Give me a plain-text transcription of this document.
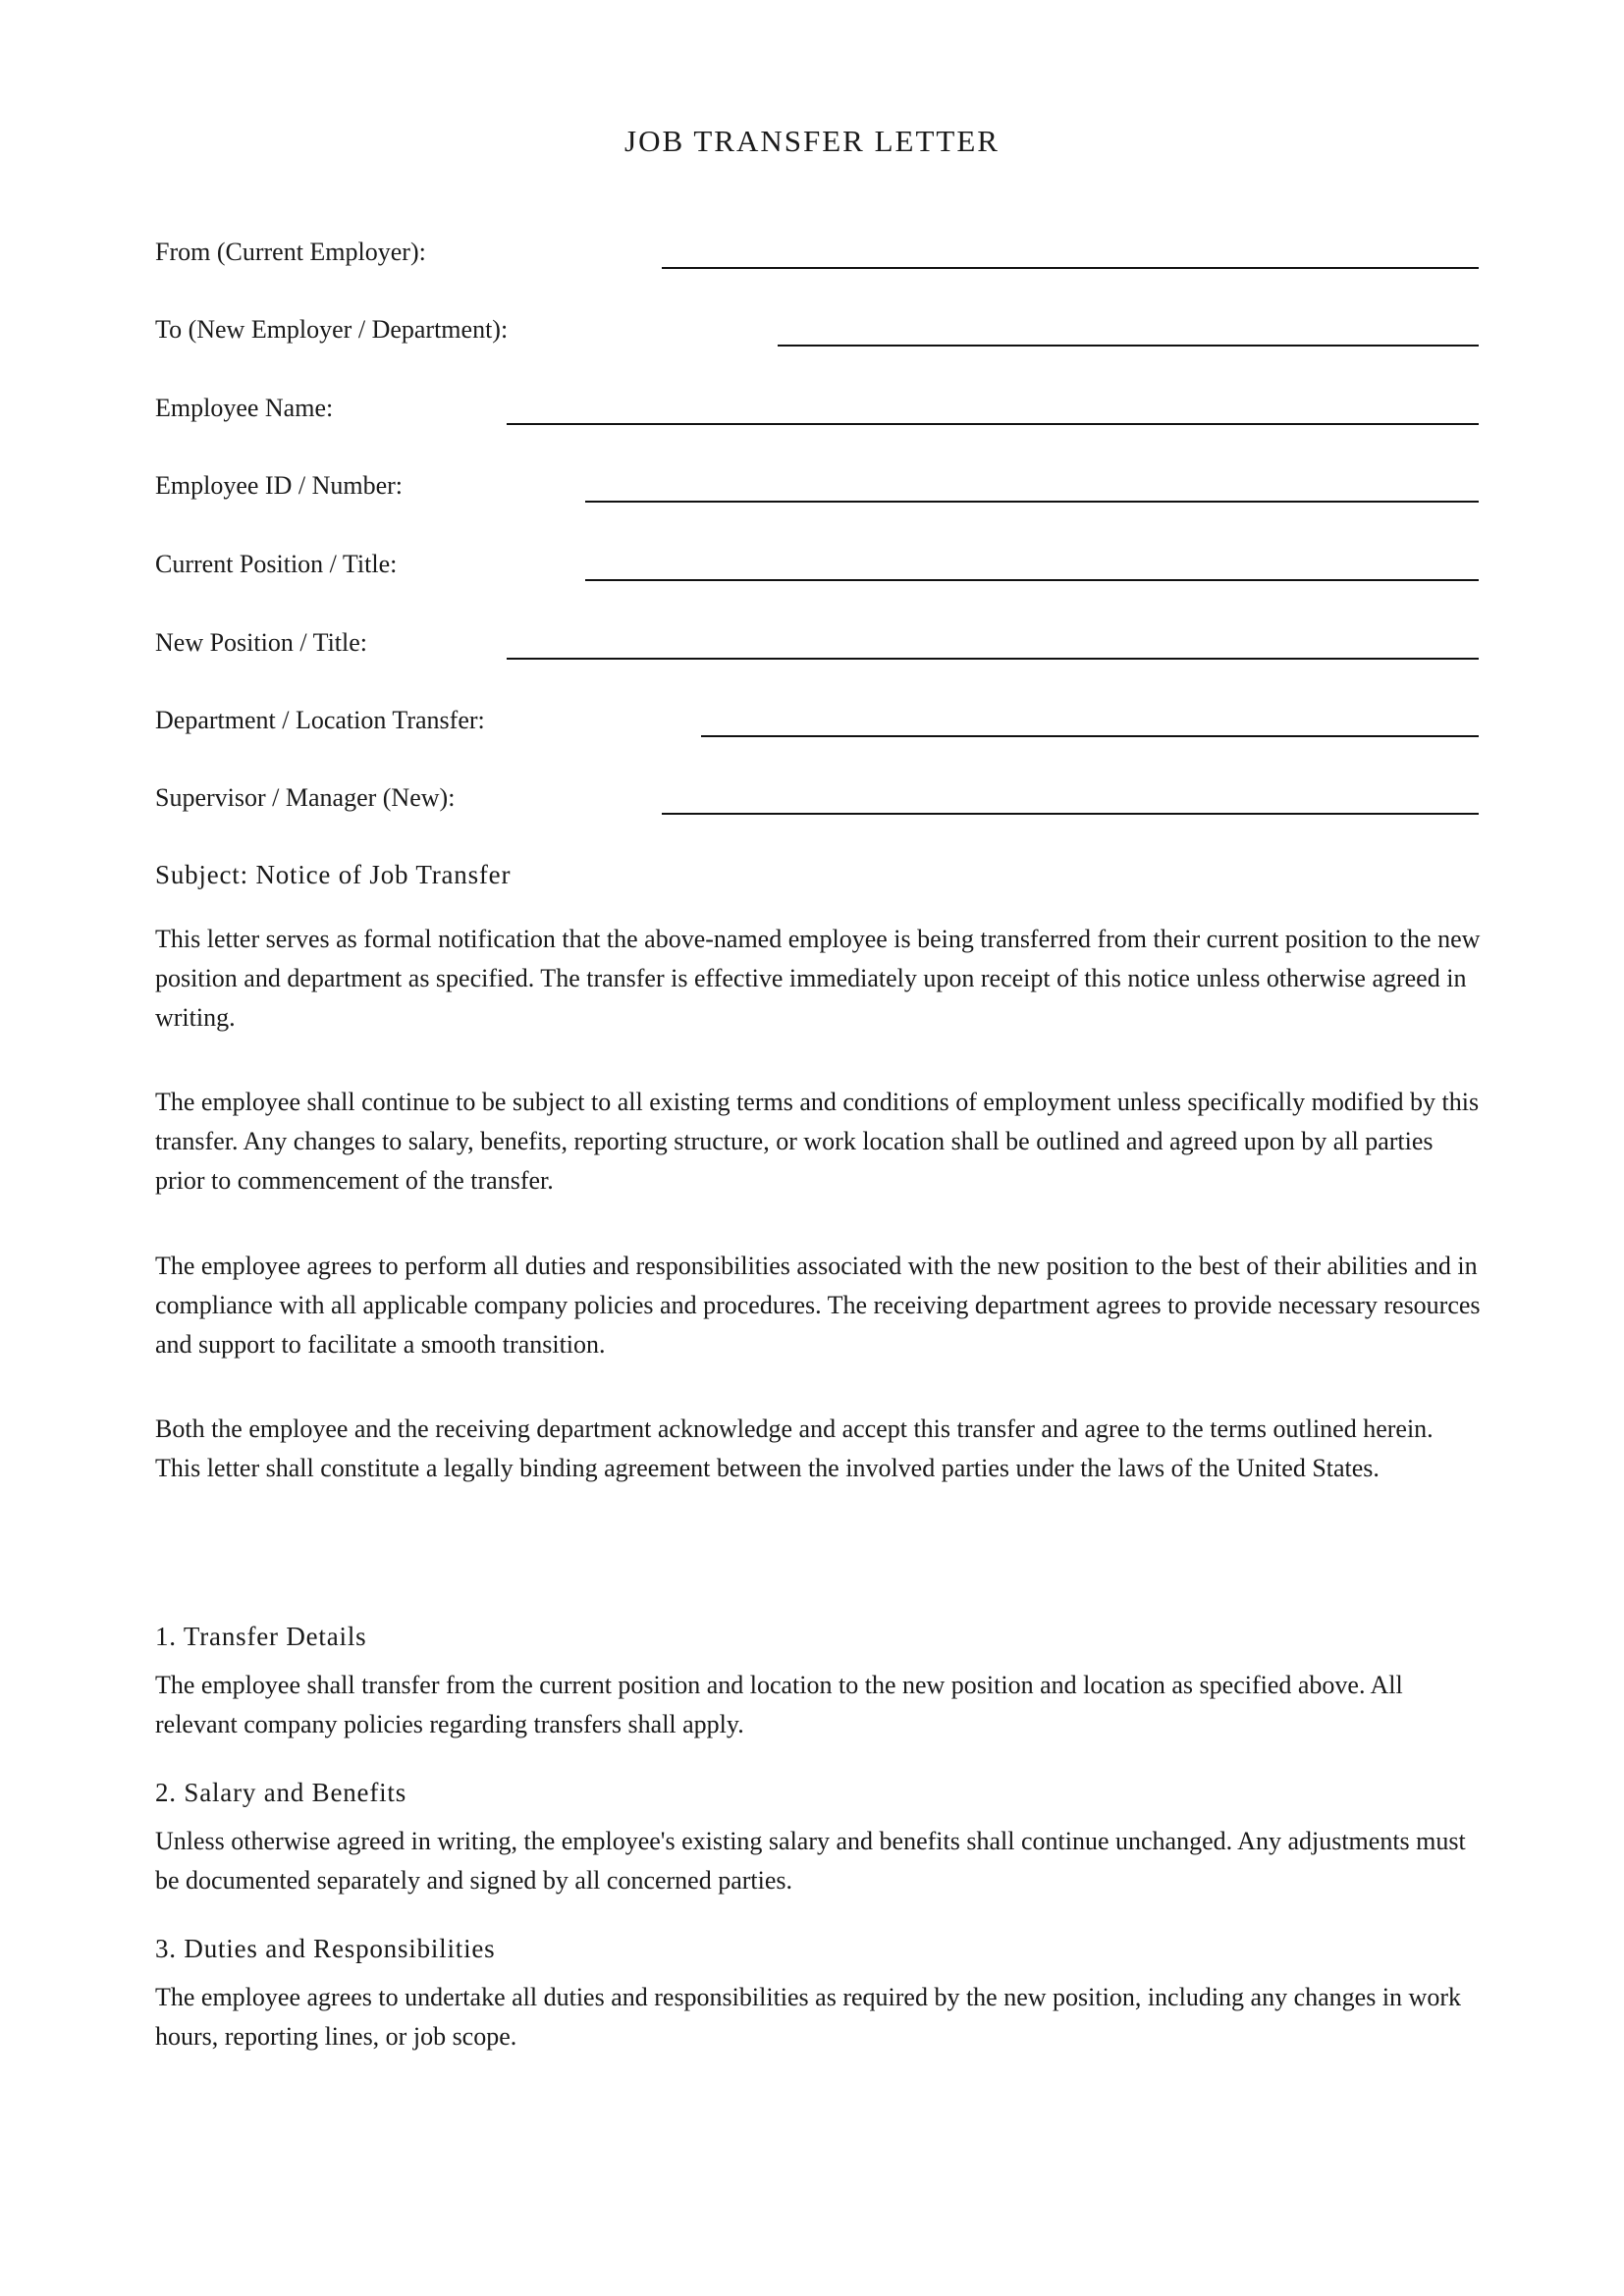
JOB TRANSFER LETTER
From (Current Employer):
To (New Employer / Department):
Employee Name:
Employee ID / Number:
Current Position / Title:
New Position / Title:
Department / Location Transfer:
Supervisor / Manager (New):
Subject: Notice of Job Transfer

This letter serves as formal notification that the above-named employee is being transferred from their current position to the new position and department as specified. The transfer is effective immediately upon receipt of this notice unless otherwise agreed in writing.

The employee shall continue to be subject to all existing terms and conditions of employment unless specifically modified by this transfer. Any changes to salary, benefits, reporting structure, or work location shall be outlined and agreed upon by all parties prior to commencement of the transfer.

The employee agrees to perform all duties and responsibilities associated with the new position to the best of their abilities and in compliance with all applicable company policies and procedures. The receiving department agrees to provide necessary resources and support to facilitate a smooth transition.

Both the employee and the receiving department acknowledge and accept this transfer and agree to the terms outlined herein. This letter shall constitute a legally binding agreement between the involved parties under the laws of the United States.

1. Transfer Details

The employee shall transfer from the current position and location to the new position and location as specified above. All relevant company policies regarding transfers shall apply.

2. Salary and Benefits

Unless otherwise agreed in writing, the employee's existing salary and benefits shall continue unchanged. Any adjustments must be documented separately and signed by all concerned parties.

3. Duties and Responsibilities

The employee agrees to undertake all duties and responsibilities as required by the new position, including any changes in work hours, reporting lines, or job scope.
